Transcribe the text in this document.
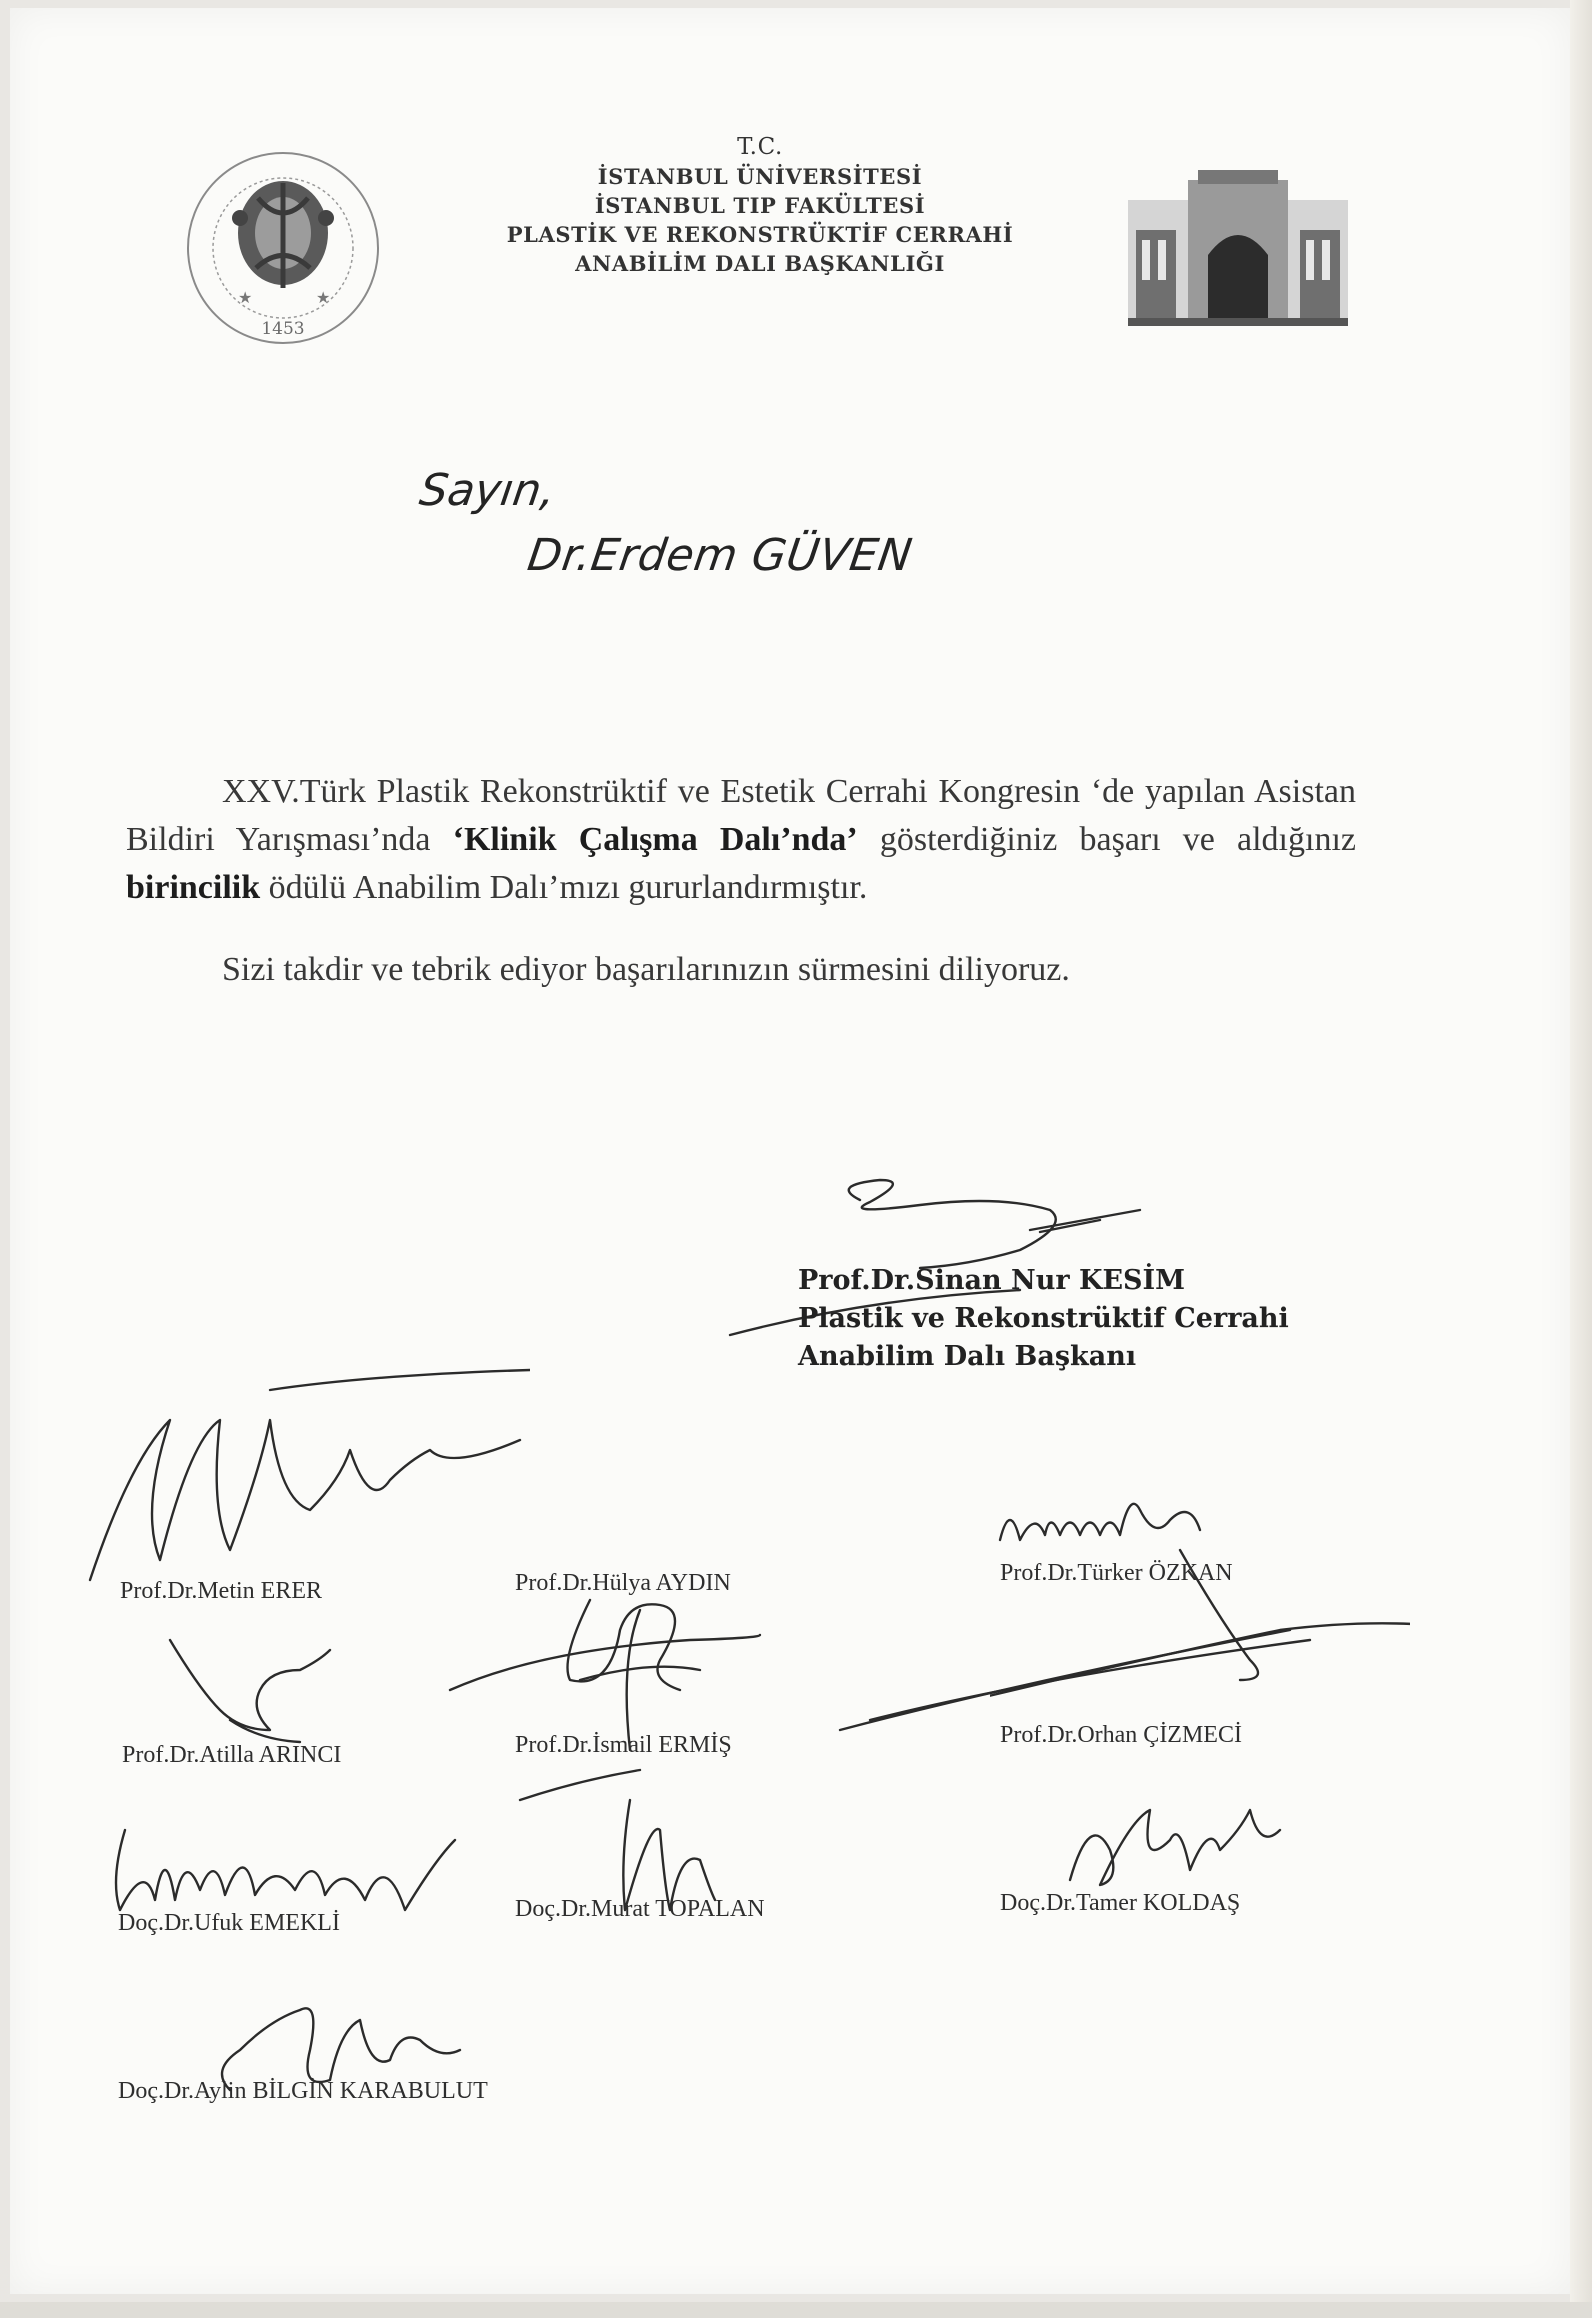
★	★
1453
T.C.
İSTANBUL ÜNİVERSİTESİ
İSTANBUL TIP FAKÜLTESİ
PLASTİK VE REKONSTRÜKTİF CERRAHİ
ANABİLİM DALI BAŞKANLIĞI
Sayın,
Dr.Erdem GÜVEN

XXV.Türk Plastik Rekonstrüktif ve Estetik Cerrahi Kongresin ‘de yapılan Asistan Bildiri Yarışması’nda ‘Klinik Çalışma Dalı’nda’ gösterdiğiniz başarı ve aldığınız birincilik ödülü Anabilim Dalı’mızı gururlandırmıştır.

Sizi takdir ve tebrik ediyor başarılarınızın sürmesini diliyoruz.

Prof.Dr.Sinan Nur KESİM
Plastik ve Rekonstrüktif Cerrahi
Anabilim Dalı Başkanı
Prof.Dr.Metin ERER	Prof.Dr.Hülya AYDIN	Prof.Dr.Türker ÖZKAN
Prof.Dr.Atilla ARINCI	Prof.Dr.İsmail ERMİŞ	Prof.Dr.Orhan ÇİZMECİ
Doç.Dr.Ufuk EMEKLİ
Doç.Dr.Murat TOPALAN	Doç.Dr.Tamer KOLDAŞ
Doç.Dr.Aylin BİLGİN KARABULUT
